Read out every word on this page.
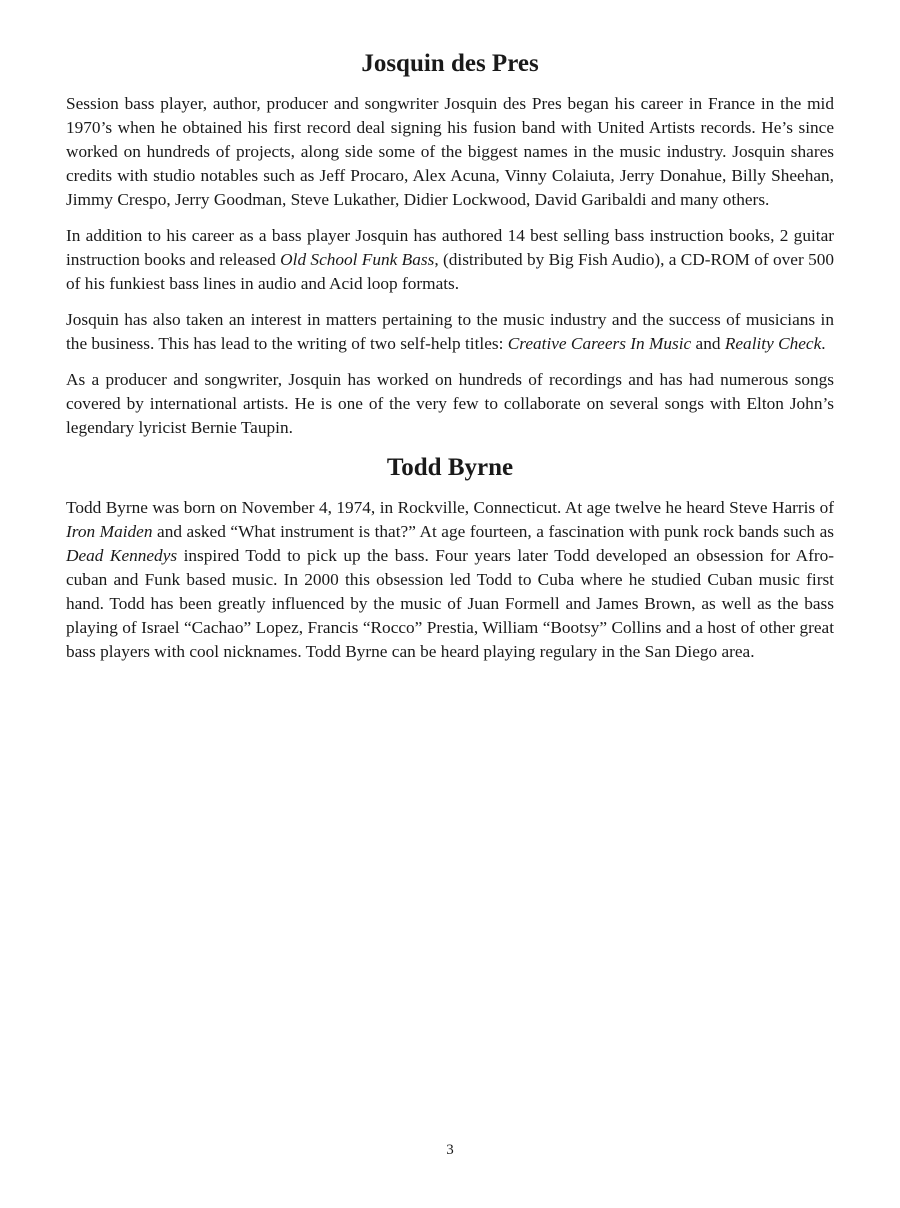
Josquin des Pres

Session bass player, author, producer and songwriter Josquin des Pres began his career in France in the mid 1970’s when he obtained his first record deal signing his fusion band with United Artists records. He’s since worked on hundreds of projects, along side some of the biggest names in the music industry. Josquin shares credits with studio notables such as Jeff Procaro, Alex Acuna, Vinny Colaiuta, Jerry Donahue, Billy Sheehan, Jimmy Crespo, Jerry Goodman, Steve Lukather, Didier Lockwood, David Garibaldi and many others.

In addition to his career as a bass player Josquin has authored 14 best selling bass instruction books, 2 guitar instruction books and released Old School Funk Bass, (distributed by Big Fish Audio), a CD-ROM of over 500 of his funkiest bass lines in audio and Acid loop formats.

Josquin has also taken an interest in matters pertaining to the music industry and the success of musicians in the business. This has lead to the writing of two self-help titles: Creative Careers In Music and Reality Check.

As a producer and songwriter, Josquin has worked on hundreds of recordings and has had numerous songs covered by international artists. He is one of the very few to collaborate on several songs with Elton John’s legendary lyricist Bernie Taupin.

Todd Byrne

Todd Byrne was born on November 4, 1974, in Rockville, Connecticut. At age twelve he heard Steve Harris of Iron Maiden and asked “What instrument is that?” At age fourteen, a fascination with punk rock bands such as Dead Kennedys inspired Todd to pick up the bass. Four years later Todd developed an obsession for Afro-cuban and Funk based music. In 2000 this obsession led Todd to Cuba where he studied Cuban music first hand. Todd has been greatly influenced by the music of Juan Formell and James Brown, as well as the bass playing of Israel “Cachao” Lopez, Francis “Rocco” Prestia, William “Bootsy” Collins and a host of other great bass players with cool nicknames. Todd Byrne can be heard playing regulary in the San Diego area.

3
